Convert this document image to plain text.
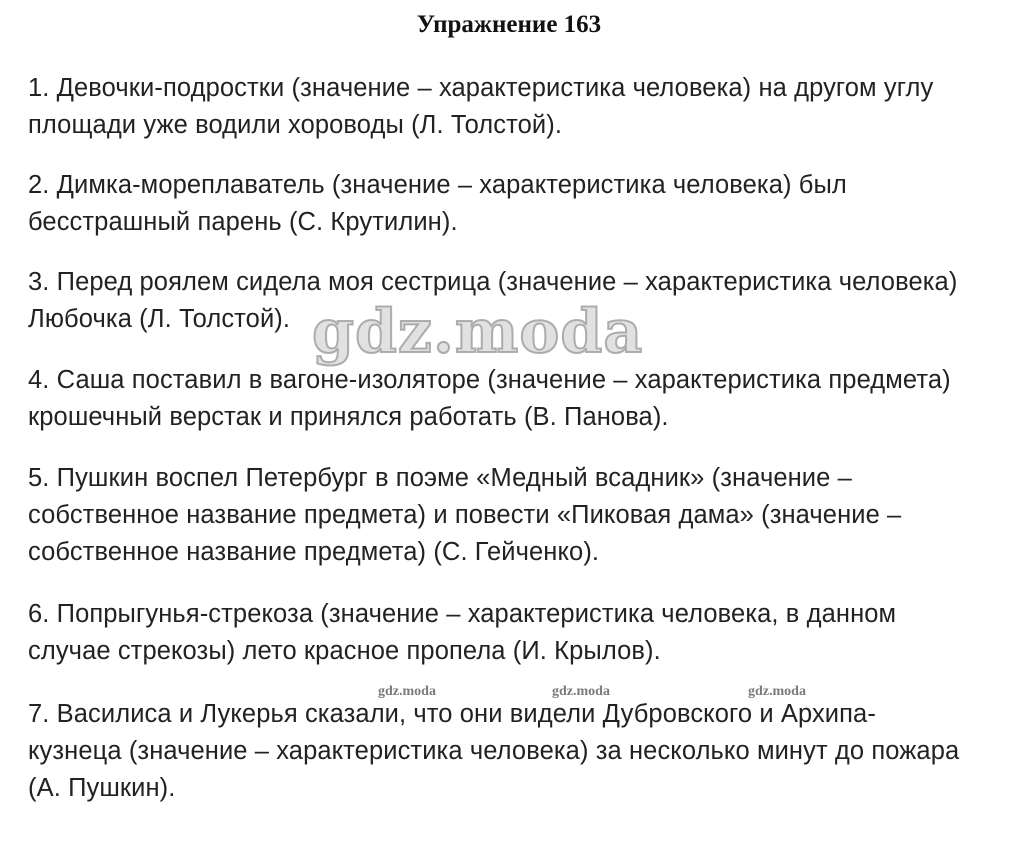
Упражнение 163
1. Девочки-подростки (значение – характеристика человека) на другом углу
площади уже водили хороводы (Л. Толстой).
2. Димка-мореплаватель (значение – характеристика человека) был
бесстрашный парень (С. Крутилин).
3. Перед роялем сидела моя сестрица (значение – характеристика человека)
Любочка (Л. Толстой).
4. Саша поставил в вагоне-изоляторе (значение – характеристика предмета)
крошечный верстак и принялся работать (В. Панова).
5. Пушкин воспел Петербург в поэме «Медный всадник» (значение –
собственное название предмета) и повести «Пиковая дама» (значение –
собственное название предмета) (С. Гейченко).
6. Попрыгунья-стрекоза (значение – характеристика человека, в данном
случае стрекозы) лето красное пропела (И. Крылов).
7. Василиса и Лукерья сказали, что они видели Дубровского и Архипа-
кузнеца (значение – характеристика человека) за несколько минут до пожара
(А. Пушкин).
gdz.moda
gdz.moda	gdz.moda	gdz.moda
